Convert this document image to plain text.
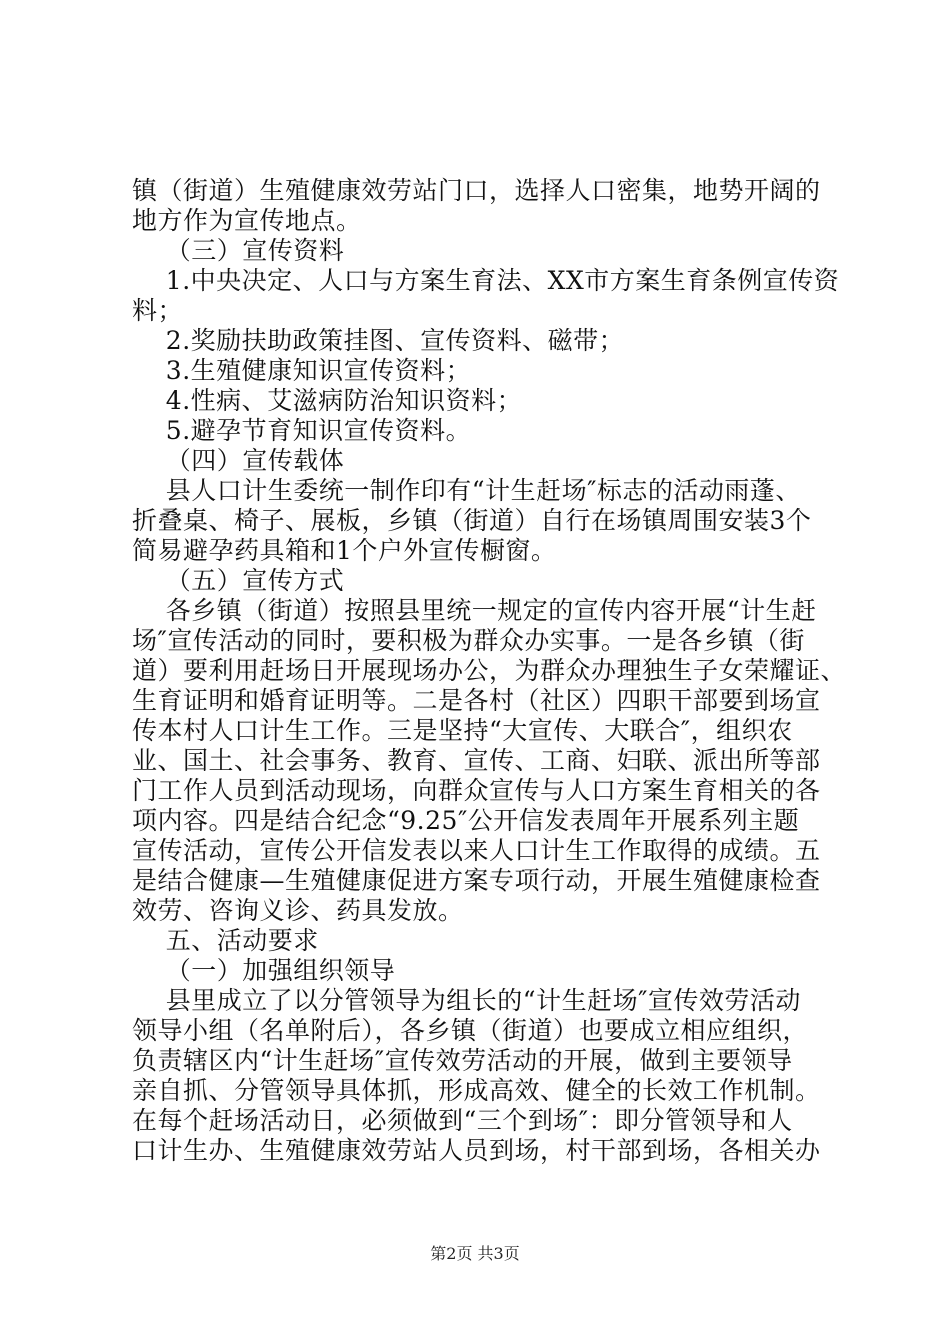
镇（街道）生殖健康效劳站门口，选择人口密集，地势开阔的
地方作为宣传地点。
（三）宣传资料
1.中央决定、人口与方案生育法、XX市方案生育条例宣传资
料；
2.奖励扶助政策挂图、宣传资料、磁带；
3.生殖健康知识宣传资料；
4.性病、艾滋病防治知识资料；
5.避孕节育知识宣传资料。
（四）宣传载体
县人口计生委统一制作印有“计生赶场″标志的活动雨蓬、
折叠桌、椅子、展板，乡镇（街道）自行在场镇周围安装3个
简易避孕药具箱和1个户外宣传橱窗。
（五）宣传方式
各乡镇（街道）按照县里统一规定的宣传内容开展“计生赶
场″宣传活动的同时，要积极为群众办实事。一是各乡镇（街
道）要利用赶场日开展现场办公，为群众办理独生子女荣耀证、
生育证明和婚育证明等。二是各村（社区）四职干部要到场宣
传本村人口计生工作。三是坚持“大宣传、大联合″，组织农
业、国土、社会事务、教育、宣传、工商、妇联、派出所等部
门工作人员到活动现场，向群众宣传与人口方案生育相关的各
项内容。四是结合纪念“9.25″公开信发表周年开展系列主题
宣传活动，宣传公开信发表以来人口计生工作取得的成绩。五
是结合健康—生殖健康促进方案专项行动，开展生殖健康检查
效劳、咨询义诊、药具发放。
五、活动要求
（一）加强组织领导
县里成立了以分管领导为组长的“计生赶场″宣传效劳活动
领导小组（名单附后），各乡镇（街道）也要成立相应组织，
负责辖区内“计生赶场″宣传效劳活动的开展，做到主要领导
亲自抓、分管领导具体抓，形成高效、健全的长效工作机制。
在每个赶场活动日，必须做到“三个到场″：即分管领导和人
口计生办、生殖健康效劳站人员到场，村干部到场，各相关办
第2页 共3页
